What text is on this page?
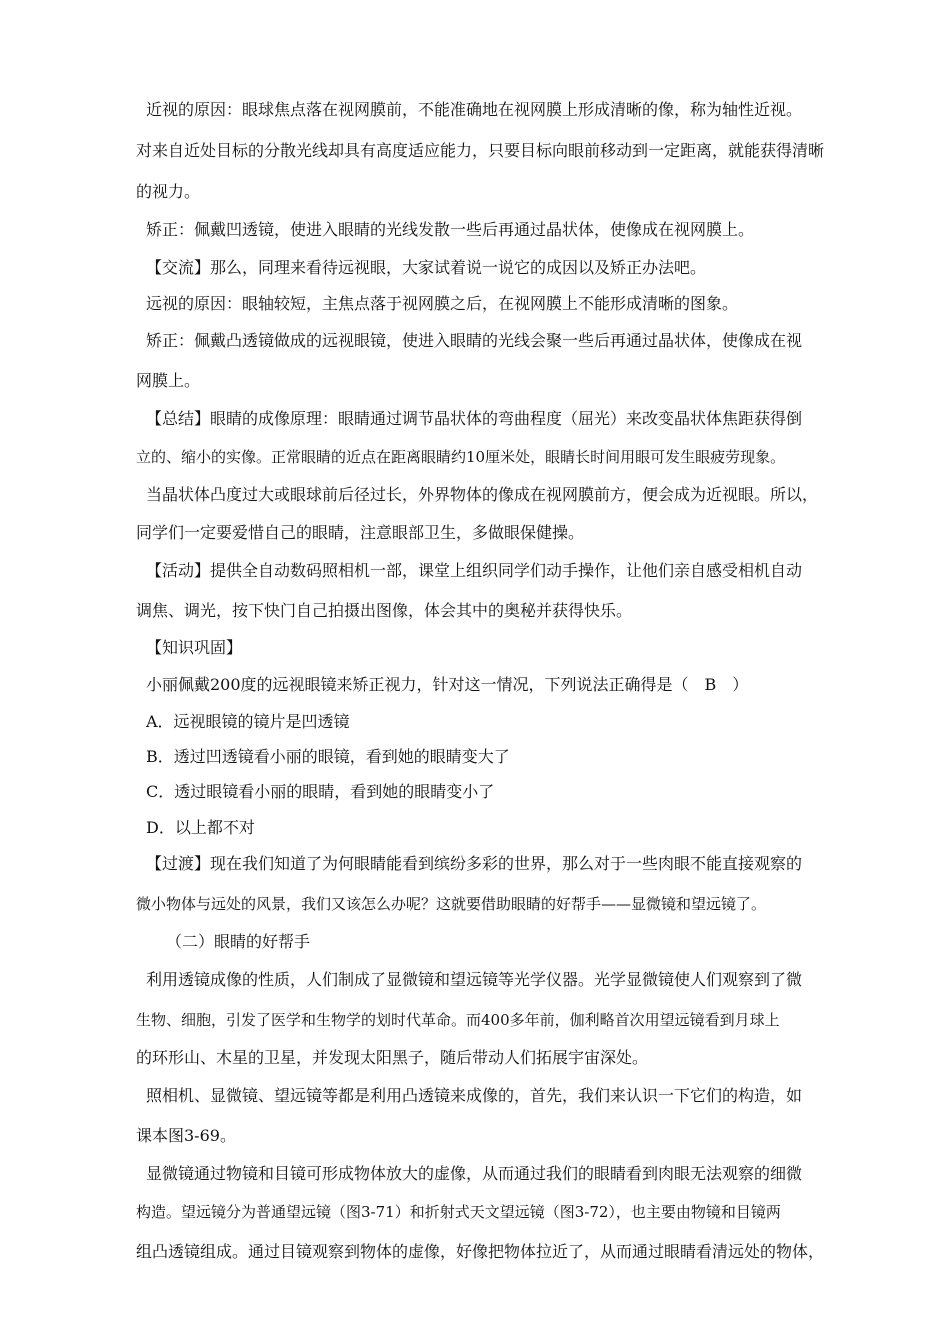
近视的原因：眼球焦点落在视网膜前，不能准确地在视网膜上形成清晰的像，称为轴性近视。
对来自近处目标的分散光线却具有高度适应能力，只要目标向眼前移动到一定距离，就能获得清晰
的视力。
矫正：佩戴凹透镜，使进入眼睛的光线发散一些后再通过晶状体，使像成在视网膜上。
【交流】那么，同理来看待远视眼，大家试着说一说它的成因以及矫正办法吧。
远视的原因：眼轴较短，主焦点落于视网膜之后，在视网膜上不能形成清晰的图象。
矫正：佩戴凸透镜做成的远视眼镜，使进入眼睛的光线会聚一些后再通过晶状体，使像成在视
网膜上。
【总结】眼睛的成像原理：眼睛通过调节晶状体的弯曲程度（屈光）来改变晶状体焦距获得倒
立的、缩小的实像。正常眼睛的近点在距离眼睛约10厘米处，眼睛长时间用眼可发生眼疲劳现象。
当晶状体凸度过大或眼球前后径过长，外界物体的像成在视网膜前方，便会成为近视眼。所以，
同学们一定要爱惜自己的眼睛，注意眼部卫生，多做眼保健操。
【活动】提供全自动数码照相机一部，课堂上组织同学们动手操作，让他们亲自感受相机自动
调焦、调光，按下快门自己拍摄出图像，体会其中的奥秘并获得快乐。
【知识巩固】
小丽佩戴200度的远视眼镜来矫正视力，针对这一情况，下列说法正确得是（　B　）
A．远视眼镜的镜片是凹透镜
B．透过凹透镜看小丽的眼镜，看到她的眼睛变大了
C．透过眼镜看小丽的眼睛，看到她的眼睛变小了
D．以上都不对
【过渡】现在我们知道了为何眼睛能看到缤纷多彩的世界，那么对于一些肉眼不能直接观察的
微小物体与远处的风景，我们又该怎么办呢？这就要借助眼睛的好帮手——显微镜和望远镜了。
（二）眼睛的好帮手
利用透镜成像的性质，人们制成了显微镜和望远镜等光学仪器。光学显微镜使人们观察到了微
生物、细胞，引发了医学和生物学的划时代革命。而400多年前，伽利略首次用望远镜看到月球上
的环形山、木星的卫星，并发现太阳黑子，随后带动人们拓展宇宙深处。
照相机、显微镜、望远镜等都是利用凸透镜来成像的，首先，我们来认识一下它们的构造，如
课本图3-69。
显微镜通过物镜和目镜可形成物体放大的虚像，从而通过我们的眼睛看到肉眼无法观察的细微
构造。望远镜分为普通望远镜（图3-71）和折射式天文望远镜（图3-72），也主要由物镜和目镜两
组凸透镜组成。通过目镜观察到物体的虚像，好像把物体拉近了，从而通过眼睛看清远处的物体，
